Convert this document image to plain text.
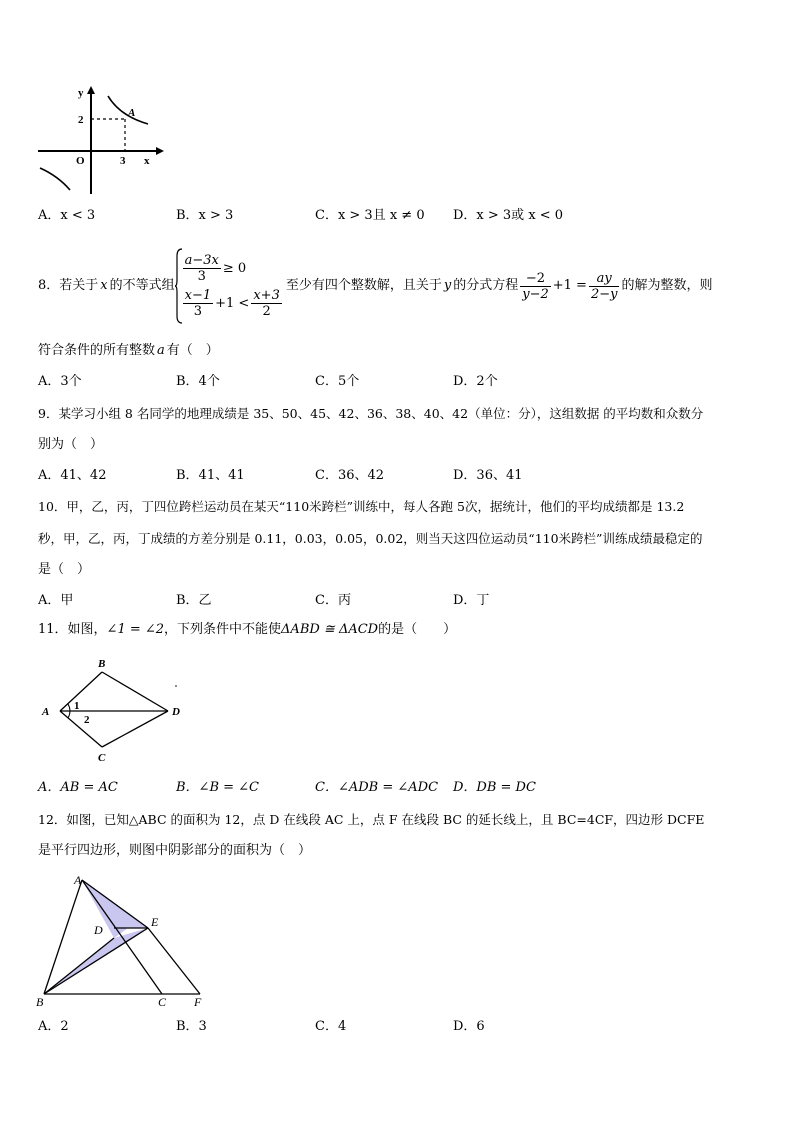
y
2
A
O	3 x
A．x < 3	B．x > 3	C．x > 3且 x ≠ 0 D．x > 3或 x < 0
8．若关于 x 的不等式组
$\frac{a-3x}{3} \ge 0$
$\frac{x-1}{3} +1 < \frac{x+3}{2}$
至少有四个整数解，且关于 y 的分式方程 $\frac{-2}{y-2} +1 = \frac{ay}{2-y}$ 的解为整数，则
符合条件的所有整数 a 有（　）
A．3个	B．4个	C．5个	D．2个
9．某学习小组 8 名同学的地理成绩是 35、50、45、42、36、38、40、42（单位：分），这组数据 的平均数和众数分
别为（　）
A．41、42	B．41、41	C．36、42	D．36、41
10．甲，乙，丙，丁四位跨栏运动员在某天“110米跨栏”训练中，每人各跑 5次，据统计，他们的平均成绩都是 13.2
秒，甲，乙，丙，丁成绩的方差分别是 0.11，0.03，0.05，0.02，则当天这四位运动员“110米跨栏”训练成绩最稳定的
是（　）
A．甲	B．乙	C．丙	D．丁
11．如图，∠1 = ∠2，下列条件中不能使ΔABD ≅ ΔACD的是（　　）
B
A 1
2
D
C
A．AB = AC	B．∠B = ∠C	C．∠ADB = ∠ADC D．DB = DC
12．如图，已知△ABC 的面积为 12，点 D 在线段 AC 上，点 F 在线段 BC 的延长线上，且 BC=4CF，四边形 DCFE
是平行四边形，则图中阴影部分的面积为（　）
A
E
D
B	C F
A．2	B．3	C．4	D．6
